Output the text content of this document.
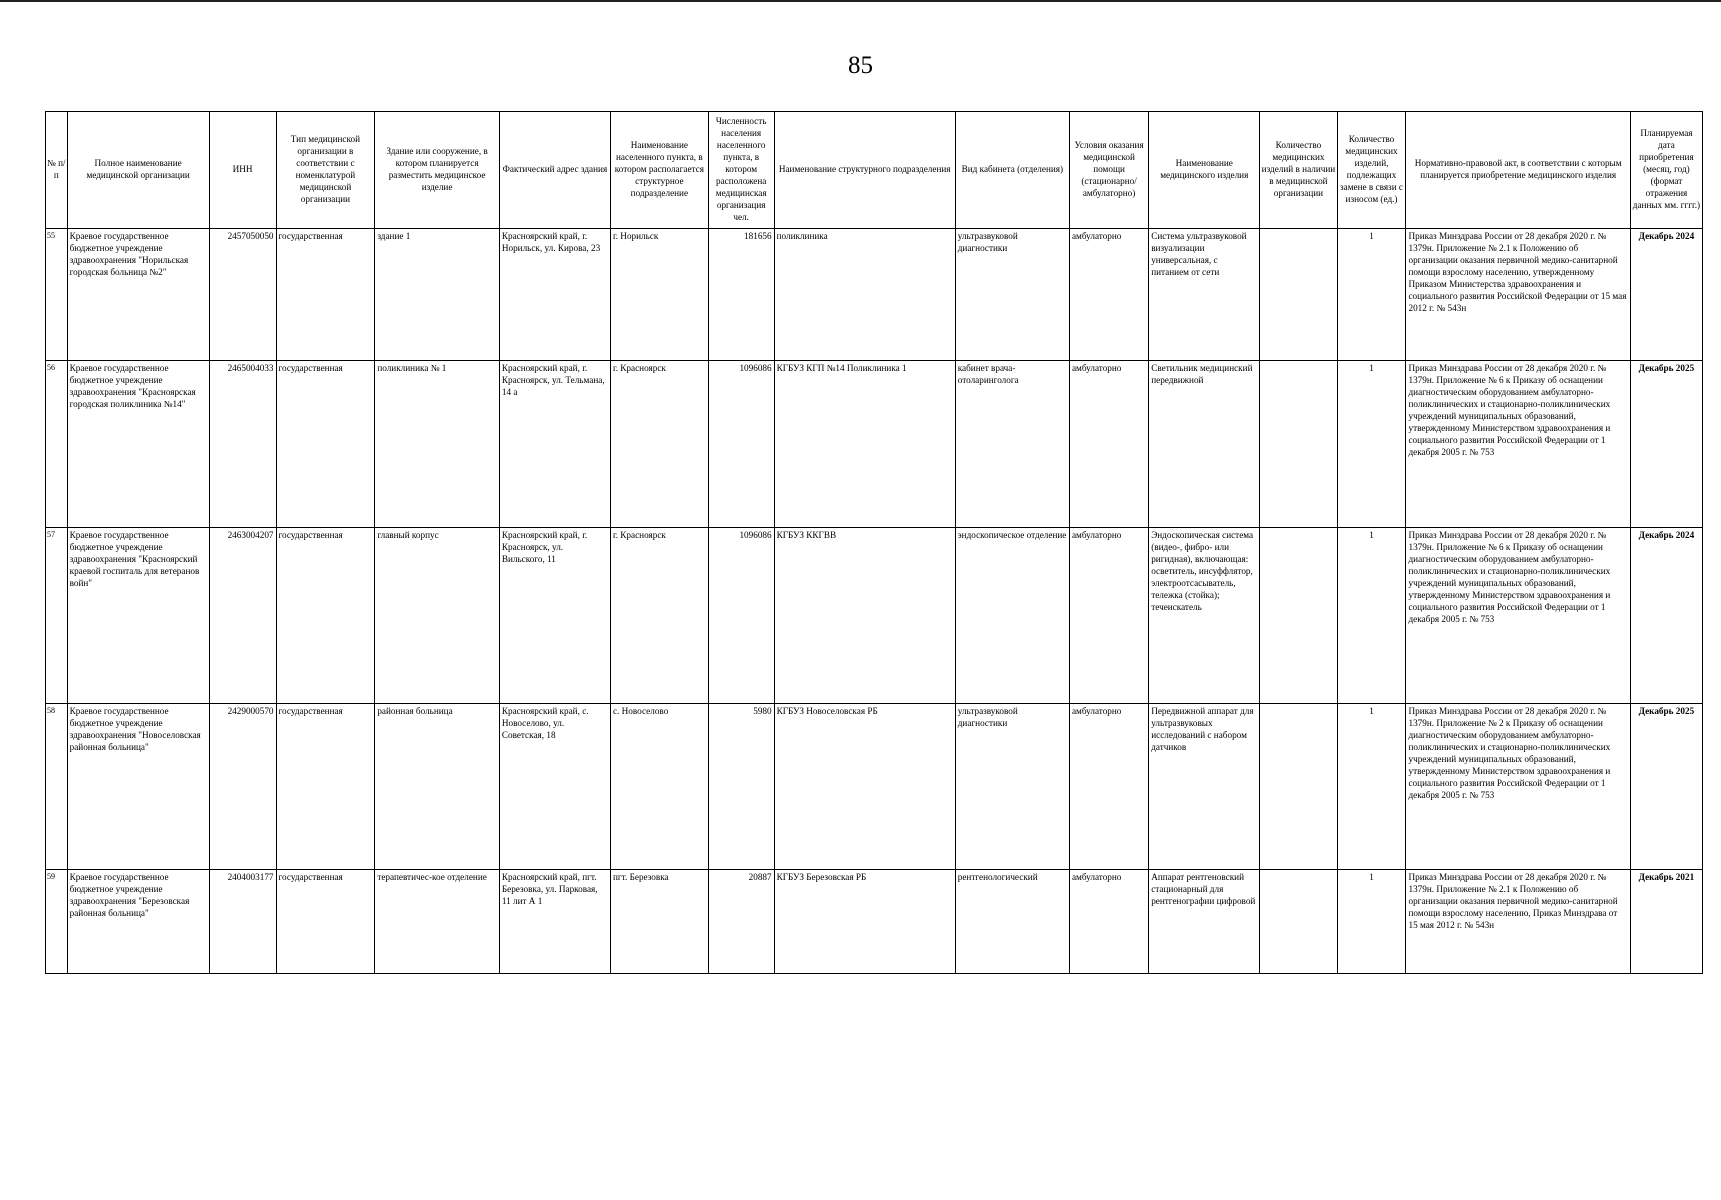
85
№ п/п	Полное наименование медицинской организации	ИНН	Тип медицинской организации в соответствии с номенклатурой медицинской организации	Здание или сооружение, в котором планируется разместить медицинское изделие	Фактический адрес здания	Наименование населенного пункта, в котором располагается структурное подразделение	Численность населения населенного пункта, в котором расположена медицинская организация чел.	Наименование структурного подразделения	Вид кабинета (отделения)	Условия оказания медицинской помощи (стационарно/ амбулаторно)	Наименование медицинского изделия	Количество медицинских изделий в наличии в медицинской организации	Количество медицинских изделий, подлежащих замене в связи с износом (ед.)	Нормативно-правовой акт, в соответствии с которым планируется приобретение медицинского изделия	Планируемая дата приобретения (месяц, год) (формат отражения данных мм. гггг.)
55	Краевое государственное бюджетное учреждение здравоохранения "Норильская городская больница №2"	2457050050	государственная	здание 1	Красноярский край, г. Норильск, ул. Кирова, 23	г. Норильск	181656	поликлиника	ультразвуковой диагностики	амбулаторно	Система ультразвуковой визуализации универсальная, с питанием от сети		1	Приказ Минздрава России от 28 декабря 2020 г. № 1379н. Приложение № 2.1 к Положению об организации оказания первичной медико-санитарной помощи взрослому населению, утвержденному Приказом Министерства здравоохранения и социального развития Российской Федерации от 15 мая 2012 г. № 543н	Декабрь 2024
56	Краевое государственное бюджетное учреждение здравоохранения "Красноярская городская поликлиника №14"	2465004033	государственная	поликлиника № 1	Красноярский край, г. Красноярск, ул. Тельмана, 14 а	г. Красноярск	1096086	КГБУЗ КГП №14 Поликлиника 1	кабинет врача-отоларинголога	амбулаторно	Светильник медицинский передвижной		1	Приказ Минздрава России от 28 декабря 2020 г. № 1379н. Приложение № 6 к Приказу об оснащении диагностическим оборудованием амбулаторно-поликлинических и стационарно-поликлинических учреждений муниципальных образований, утвержденному Министерством здравоохранения и социального развития Российской Федерации от 1 декабря 2005 г. № 753	Декабрь 2025
57	Краевое государственное бюджетное учреждение здравоохранения "Красноярский краевой госпиталь для ветеранов войн"	2463004207	государственная	главный корпус	Красноярский край, г. Красноярск, ул. Вильского, 11	г. Красноярск	1096086	КГБУЗ ККГВВ	эндоскопическое отделение	амбулаторно	Эндоскопическая система (видео-, фибро- или ригидная), включающая: осветитель, инсуффлятор, электроотсасыватель, тележка (стойка); течеискатель		1	Приказ Минздрава России от 28 декабря 2020 г. № 1379н. Приложение № 6 к Приказу об оснащении диагностическим оборудованием амбулаторно-поликлинических и стационарно-поликлинических учреждений муниципальных образований, утвержденному Министерством здравоохранения и социального развития Российской Федерации от 1 декабря 2005 г. № 753	Декабрь 2024
58	Краевое государственное бюджетное учреждение здравоохранения "Новоселовская районная больница"	2429000570	государственная	районная больница	Красноярский край, с. Новоселово, ул. Советская, 18	с. Новоселово	5980	КГБУЗ Новоселовская РБ	ультразвуковой диагностики	амбулаторно	Передвижной аппарат для ультразвуковых исследований с набором датчиков		1	Приказ Минздрава России от 28 декабря 2020 г. № 1379н. Приложение № 2 к Приказу об оснащении диагностическим оборудованием амбулаторно-поликлинических и стационарно-поликлинических учреждений муниципальных образований, утвержденному Министерством здравоохранения и социального развития Российской Федерации от 1 декабря 2005 г. № 753	Декабрь 2025
59	Краевое государственное бюджетное учреждение здравоохранения "Березовская районная больница"	2404003177	государственная	терапевтичес-кое отделение	Красноярский край, пгт. Березовка, ул. Парковая, 11 лит А 1	пгт. Березовка	20887	КГБУЗ Березовская РБ	рентгенологический	амбулаторно	Аппарат рентгеновский стационарный для рентгенографии цифровой		1	Приказ Минздрава России от 28 декабря 2020 г. № 1379н. Приложение № 2.1 к Положению об организации оказания первичной медико-санитарной помощи взрослому населению, Приказ Минздрава от 15 мая 2012 г. № 543н	Декабрь 2021
